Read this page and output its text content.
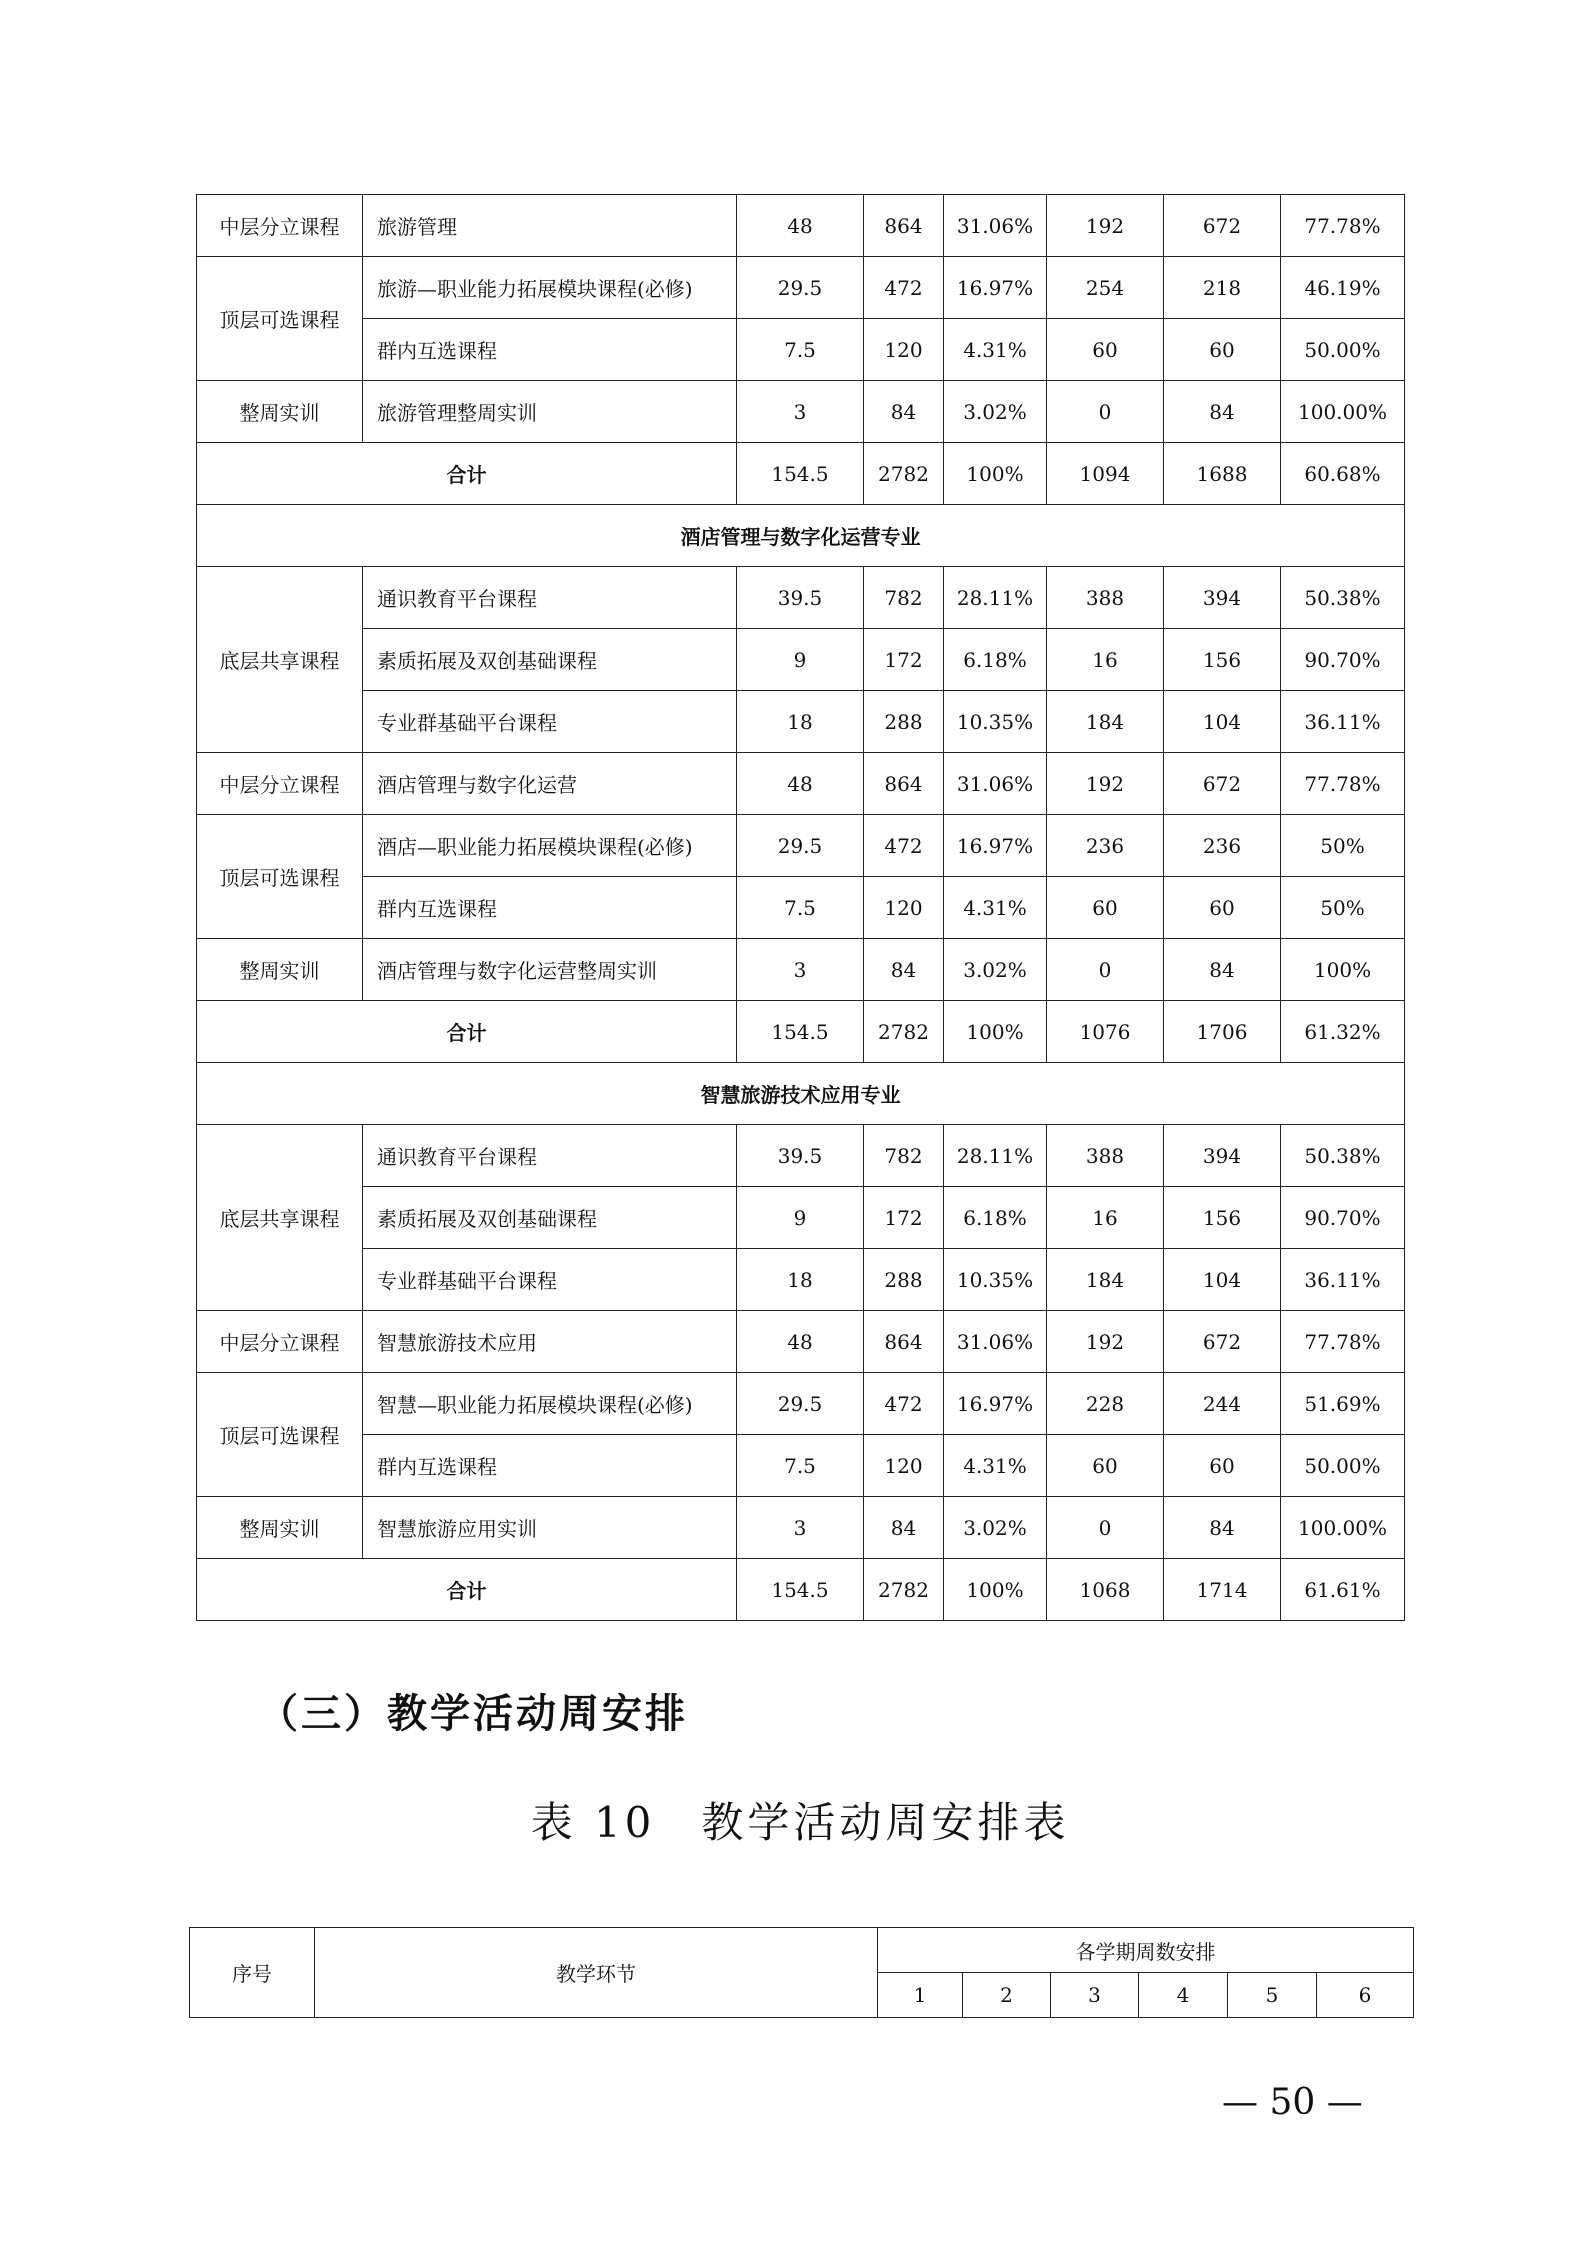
中层分立课程	旅游管理	48	864	31.06%	192	672	77.78%
顶层可选课程	旅游—职业能力拓展模块课程(必修)	29.5	472	16.97%	254	218	46.19%
	群内互选课程	7.5	120	4.31%	60	60	50.00%
整周实训	旅游管理整周实训	3	84	3.02%	0	84	100.00%
合计		154.5	2782	100%	1094	1688	60.68%
酒店管理与数字化运营专业							
底层共享课程	通识教育平台课程	39.5	782	28.11%	388	394	50.38%
	素质拓展及双创基础课程	9	172	6.18%	16	156	90.70%
	专业群基础平台课程	18	288	10.35%	184	104	36.11%
中层分立课程	酒店管理与数字化运营	48	864	31.06%	192	672	77.78%
顶层可选课程	酒店—职业能力拓展模块课程(必修)	29.5	472	16.97%	236	236	50%
	群内互选课程	7.5	120	4.31%	60	60	50%
整周实训	酒店管理与数字化运营整周实训	3	84	3.02%	0	84	100%
合计		154.5	2782	100%	1076	1706	61.32%
智慧旅游技术应用专业							
底层共享课程	通识教育平台课程	39.5	782	28.11%	388	394	50.38%
	素质拓展及双创基础课程	9	172	6.18%	16	156	90.70%
	专业群基础平台课程	18	288	10.35%	184	104	36.11%
中层分立课程	智慧旅游技术应用	48	864	31.06%	192	672	77.78%
顶层可选课程	智慧—职业能力拓展模块课程(必修)	29.5	472	16.97%	228	244	51.69%
	群内互选课程	7.5	120	4.31%	60	60	50.00%
整周实训	智慧旅游应用实训	3	84	3.02%	0	84	100.00%
合计		154.5	2782	100%	1068	1714	61.61%
（三）教学活动周安排
表 10　教学活动周安排表
序号	教学环节	各学期周数安排					
		1	2	3	4	5	6
— 50 —
